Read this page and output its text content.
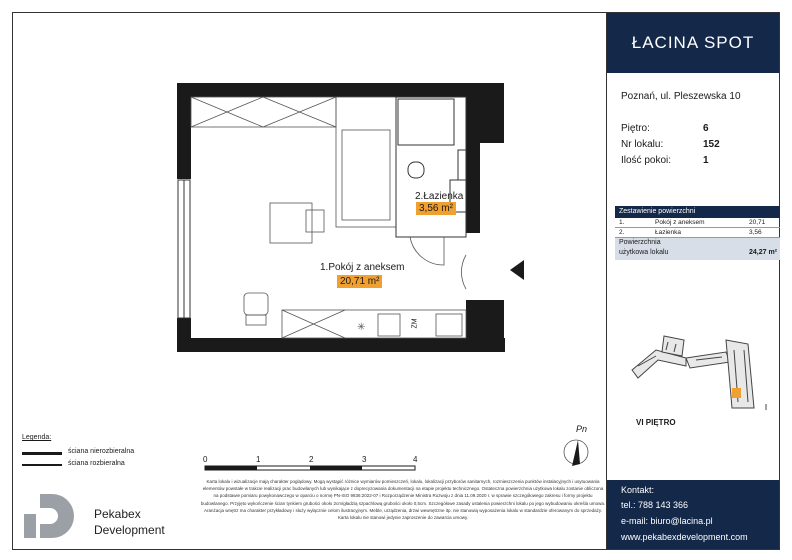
ŁACINA SPOT
Poznań, ul. Pleszewska 10
Piętro:	6
Nr lokalu:	152
Ilość pokoi:	1
Zestawienie powierzchni
1.	Pokój z aneksem	20,71
2.	Łazienka	3,56
Powierzchnia
użytkowa lokalu	24,27 m²
VI PIĘTRO
✳
2.Łazienka
3,56 m²
1.Pokój z aneksem
20,71 m²
P
ZM
Pn
0	1	2	3	4
Legenda:
ściana nierozbieralna
ściana rozbieralna
Karta lokalu i wizualizacje mają charakter poglądowy. Mogą wystąpić różnice wymiarów pomieszczeń, lokalu, lokalizacji przyborów sanitarnych, rozmieszczenia punktów instalacyjnych i usytuowania elementów powstałe w trakcie realizacji prac budowlanych lub wynikające z doprecyzowania dokumentacji na etapie projektu technicznego. Ostateczna powierzchnia użytkowa lokalu zostanie obliczona na podstawie pomiaru powykonawczego w oparciu o normę PN-ISO 9836:2022-07 i Rozporządzenie Ministra Rozwoju z dnia 11.09.2020 r. w sprawie szczegółowego zakresu i formy projektu budowlanego. Przyjęto wykończenie ścian tynkiem grubości około 2cm/gładzią szpachlową grubości około 0,5cm. Szczegółowe zasady ustalenia powierzchni lokalu po jego wybudowaniu określa umowa. Aranżacja wnętrz ma charakter przykładowy i służy wyłącznie celom ilustracyjnym. Meble, urządzenia, drzwi wewnętrzne itp. nie stanowią wyposażenia lokalu w standardzie oferowanym do sprzedaży. Karta lokalu nie stanowi jedynie zaproszenie do zawarcia umowy.
Pekabex
Development
Kontakt:
tel.: 788 143 366
e-mail: biuro@lacina.pl
www.pekabexdevelopment.com
